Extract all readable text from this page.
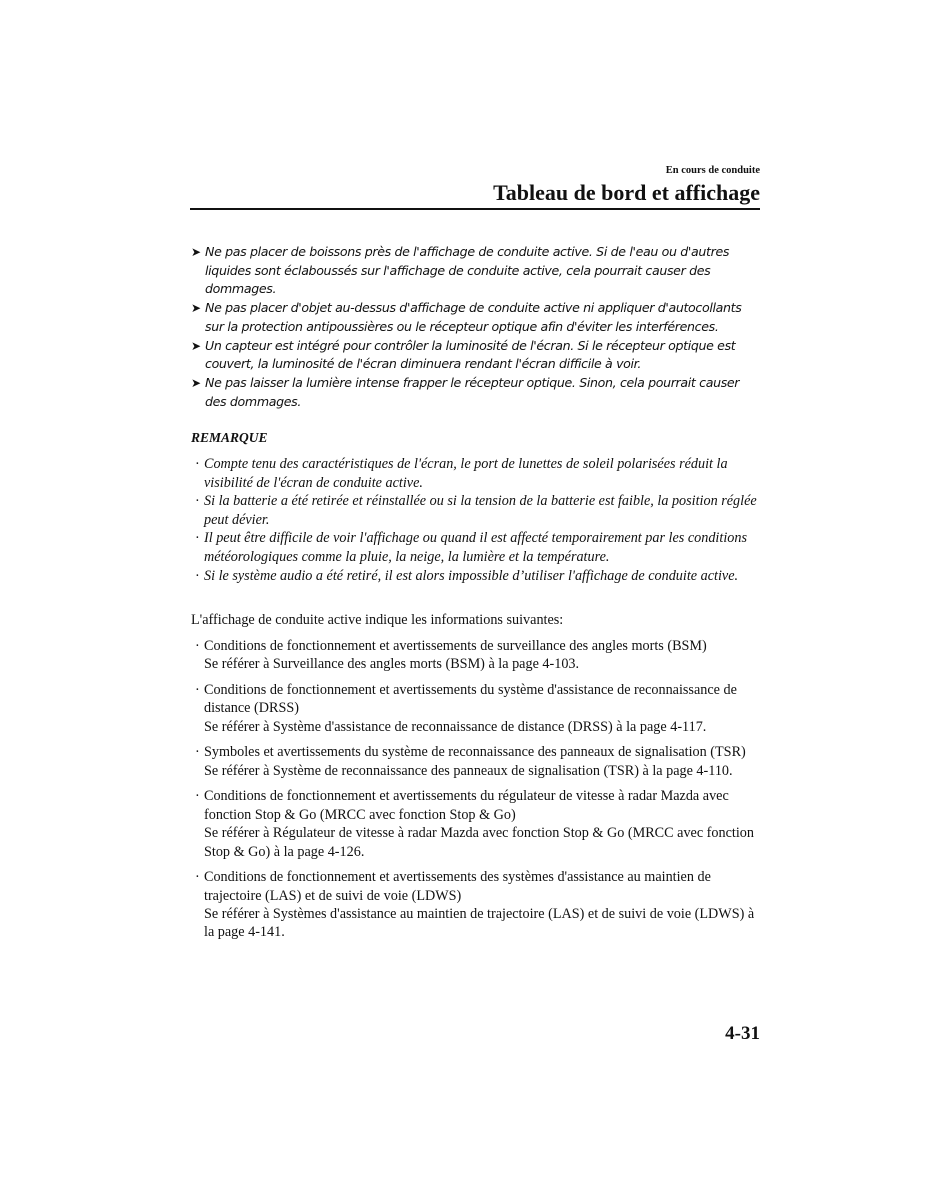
En cours de conduite
Tableau de bord et affichage
➤ Ne pas placer de boissons près de l'affichage de conduite active. Si de l'eau ou d'autres liquides sont éclaboussés sur l'affichage de conduite active, cela pourrait causer des dommages.
➤ Ne pas placer d'objet au-dessus d'affichage de conduite active ni appliquer d'autocollants sur la protection antipoussières ou le récepteur optique afin d'éviter les interférences.
➤ Un capteur est intégré pour contrôler la luminosité de l'écran. Si le récepteur optique est couvert, la luminosité de l'écran diminuera rendant l'écran difficile à voir.
➤ Ne pas laisser la lumière intense frapper le récepteur optique. Sinon, cela pourrait causer des dommages.
REMARQUE
· Compte tenu des caractéristiques de l'écran, le port de lunettes de soleil polarisées réduit la visibilité de l'écran de conduite active.
· Si la batterie a été retirée et réinstallée ou si la tension de la batterie est faible, la position réglée peut dévier.
· Il peut être difficile de voir l'affichage ou quand il est affecté temporairement par les conditions météorologiques comme la pluie, la neige, la lumière et la température.
· Si le système audio a été retiré, il est alors impossible d’utiliser l'affichage de conduite active.
L'affichage de conduite active indique les informations suivantes:
· Conditions de fonctionnement et avertissements de surveillance des angles morts (BSM)
Se référer à Surveillance des angles morts (BSM) à la page 4-103.
· Conditions de fonctionnement et avertissements du système d'assistance de reconnaissance de distance (DRSS)
Se référer à Système d'assistance de reconnaissance de distance (DRSS) à la page 4-117.
· Symboles et avertissements du système de reconnaissance des panneaux de signalisation (TSR)
Se référer à Système de reconnaissance des panneaux de signalisation (TSR) à la page 4-110.
· Conditions de fonctionnement et avertissements du régulateur de vitesse à radar Mazda avec fonction Stop & Go (MRCC avec fonction Stop & Go)
Se référer à Régulateur de vitesse à radar Mazda avec fonction Stop & Go (MRCC avec fonction Stop & Go) à la page 4-126.
· Conditions de fonctionnement et avertissements des systèmes d'assistance au maintien de trajectoire (LAS) et de suivi de voie (LDWS)
Se référer à Systèmes d'assistance au maintien de trajectoire (LAS) et de suivi de voie (LDWS) à la page 4-141.
4-31
